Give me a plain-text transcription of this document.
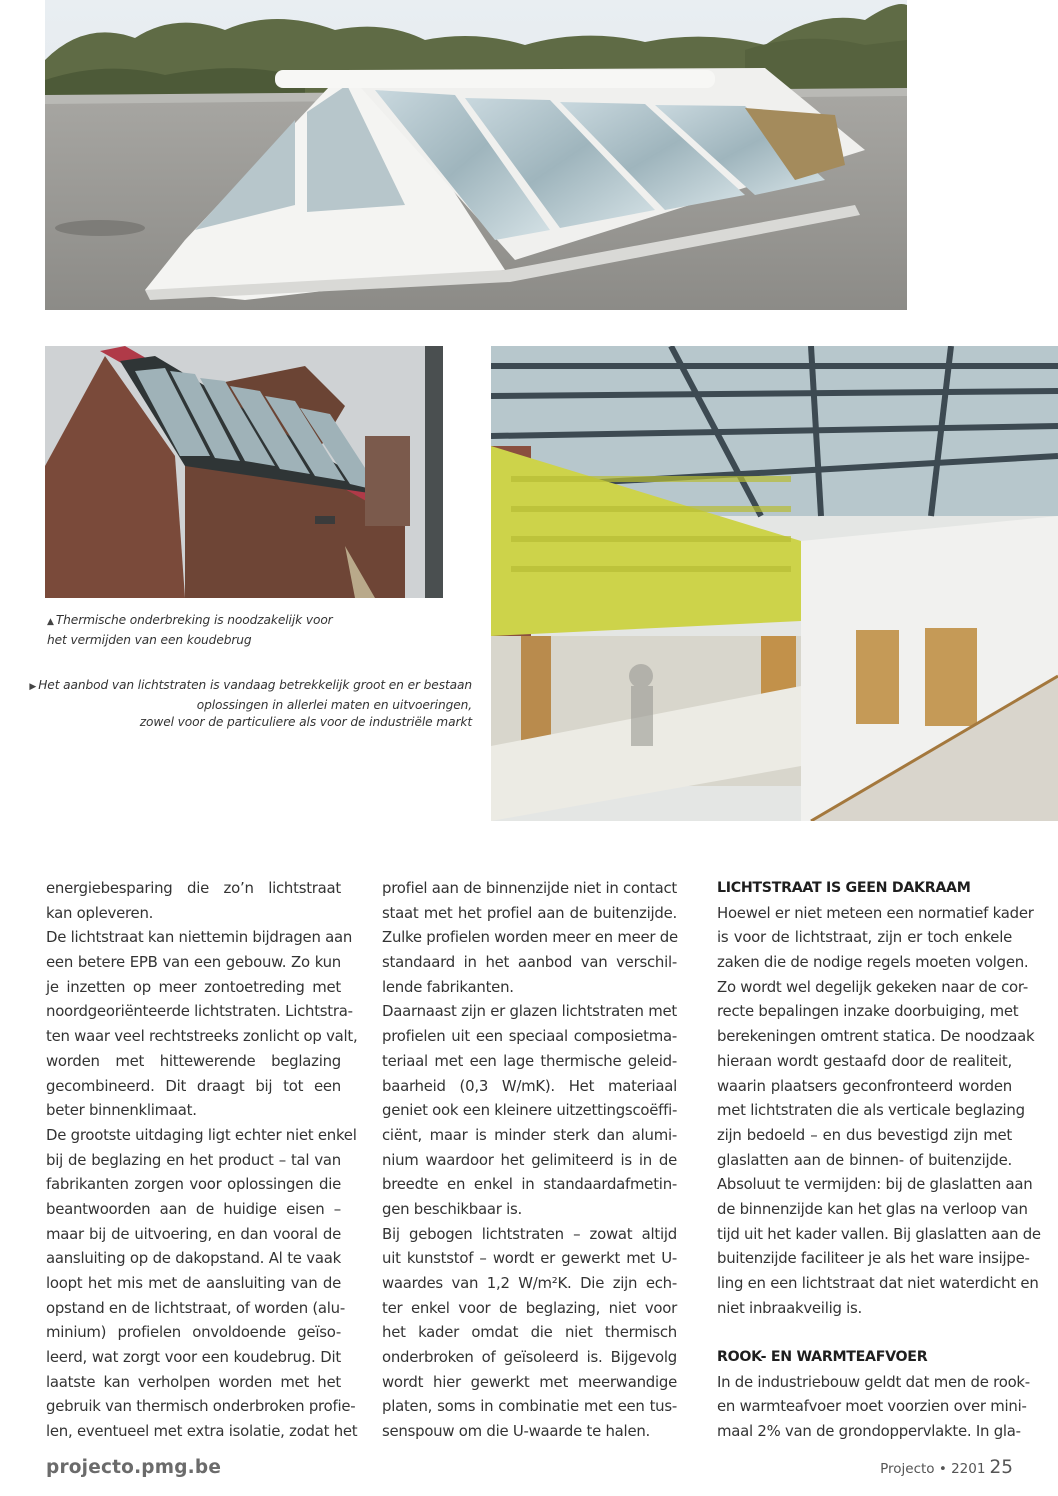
▲ Thermische onderbreking is noodzakelijk voor
het vermijden van een koudebrug
▶ Het aanbod van lichtstraten is vandaag betrekkelijk groot en er bestaan
oplossingen in allerlei maten en uitvoeringen,
zowel voor de particuliere als voor de industriële markt
energiebesparing die zo’n lichtstraat
kan opleveren.
De lichtstraat kan niettemin bijdragen aan
een betere EPB van een gebouw. Zo kun
je inzetten op meer zontoetreding met
noordgeoriënteerde lichtstraten. Lichtstra-
ten waar veel rechtstreeks zonlicht op valt,
worden met hittewerende beglazing
gecombineerd. Dit draagt bij tot een
beter binnenklimaat.
De grootste uitdaging ligt echter niet enkel
bij de beglazing en het product – tal van
fabrikanten zorgen voor oplossingen die
beantwoorden aan de huidige eisen –
maar bij de uitvoering, en dan vooral de
aansluiting op de dakopstand. Al te vaak
loopt het mis met de aansluiting van de
opstand en de lichtstraat, of worden (alu-
minium) profielen onvoldoende geïso-
leerd, wat zorgt voor een koudebrug. Dit
laatste kan verholpen worden met het
gebruik van thermisch onderbroken profie-
len, eventueel met extra isolatie, zodat het
profiel aan de binnenzijde niet in contact
staat met het profiel aan de buitenzijde.
Zulke profielen worden meer en meer de
standaard in het aanbod van verschil-
lende fabrikanten.
Daarnaast zijn er glazen lichtstraten met
profielen uit een speciaal composietma-
teriaal met een lage thermische geleid-
baarheid (0,3 W/mK). Het materiaal
geniet ook een kleinere uitzettingscoëffi-
ciënt, maar is minder sterk dan alumi-
nium waardoor het gelimiteerd is in de
breedte en enkel in standaardafmetin-
gen beschikbaar is.
Bij gebogen lichtstraten – zowat altijd
uit kunststof – wordt er gewerkt met U-
waardes van 1,2 W/m²K. Die zijn ech-
ter enkel voor de beglazing, niet voor
het kader omdat die niet thermisch
onderbroken of geïsoleerd is. Bijgevolg
wordt hier gewerkt met meerwandige
platen, soms in combinatie met een tus-
senspouw om die U-waarde te halen.
LICHTSTRAAT IS GEEN DAKRAAM
Hoewel er niet meteen een normatief kader
is voor de lichtstraat, zijn er toch enkele
zaken die de nodige regels moeten volgen.
Zo wordt wel degelijk gekeken naar de cor-
recte bepalingen inzake doorbuiging, met
berekeningen omtrent statica. De noodzaak
hieraan wordt gestaafd door de realiteit,
waarin plaatsers geconfronteerd worden
met lichtstraten die als verticale beglazing
zijn bedoeld – en dus bevestigd zijn met
glaslatten aan de binnen- of buitenzijde.
Absoluut te vermijden: bij de glaslatten aan
de binnenzijde kan het glas na verloop van
tijd uit het kader vallen. Bij glaslatten aan de
buitenzijde faciliteer je als het ware insijpe-
ling en een lichtstraat dat niet waterdicht en
niet inbraakveilig is.
ROOK- EN WARMTEAFVOER
In de industriebouw geldt dat men de rook-
en warmteafvoer moet voorzien over mini-
maal 2% van de grondoppervlakte. In gla-
projecto.pmg.be	Projecto • 2201 25
